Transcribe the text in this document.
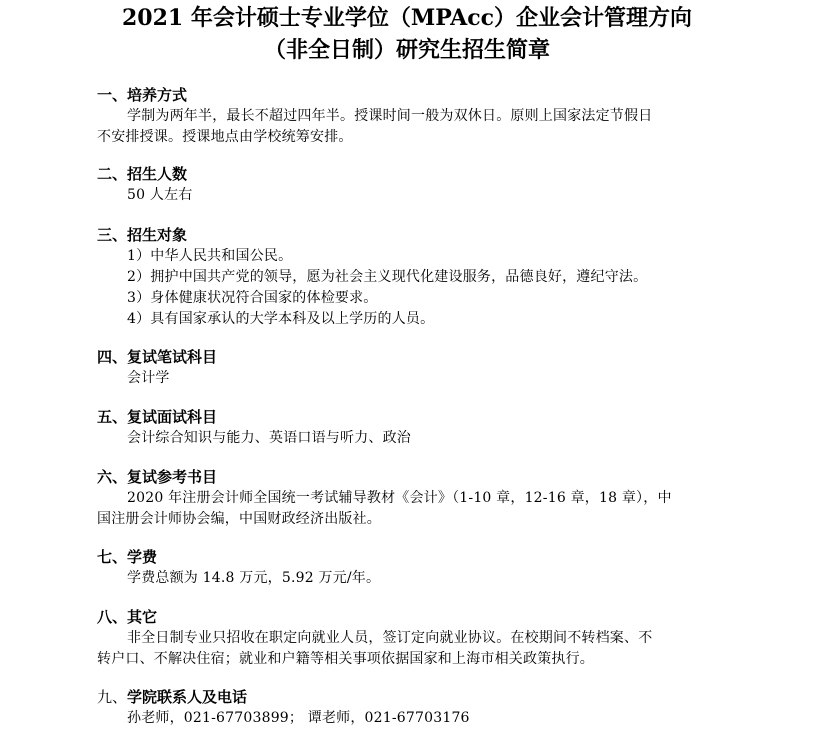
2021 年会计硕士专业学位（MPAcc）企业会计管理方向
（非全日制）研究生招生简章
一、培养方式
学制为两年半，最长不超过四年半。授课时间一般为双休日。原则上国家法定节假日
不安排授课。授课地点由学校统筹安排。
二、招生人数
50 人左右
三、招生对象
1）中华人民共和国公民。
2）拥护中国共产党的领导，愿为社会主义现代化建设服务，品德良好，遵纪守法。
3）身体健康状况符合国家的体检要求。
4）具有国家承认的大学本科及以上学历的人员。
四、复试笔试科目
会计学
五、复试面试科目
会计综合知识与能力、英语口语与听力、政治
六、复试参考书目
2020 年注册会计师全国统一考试辅导教材《会计》（1-10 章，12-16 章，18 章），中
国注册会计师协会编，中国财政经济出版社。
七、学费
学费总额为 14.8 万元，5.92 万元/年。
八、其它
非全日制专业只招收在职定向就业人员，签订定向就业协议。在校期间不转档案、不
转户口、不解决住宿；就业和户籍等相关事项依据国家和上海市相关政策执行。
九、学院联系人及电话
孙老师，021-67703899； 谭老师，021-67703176
